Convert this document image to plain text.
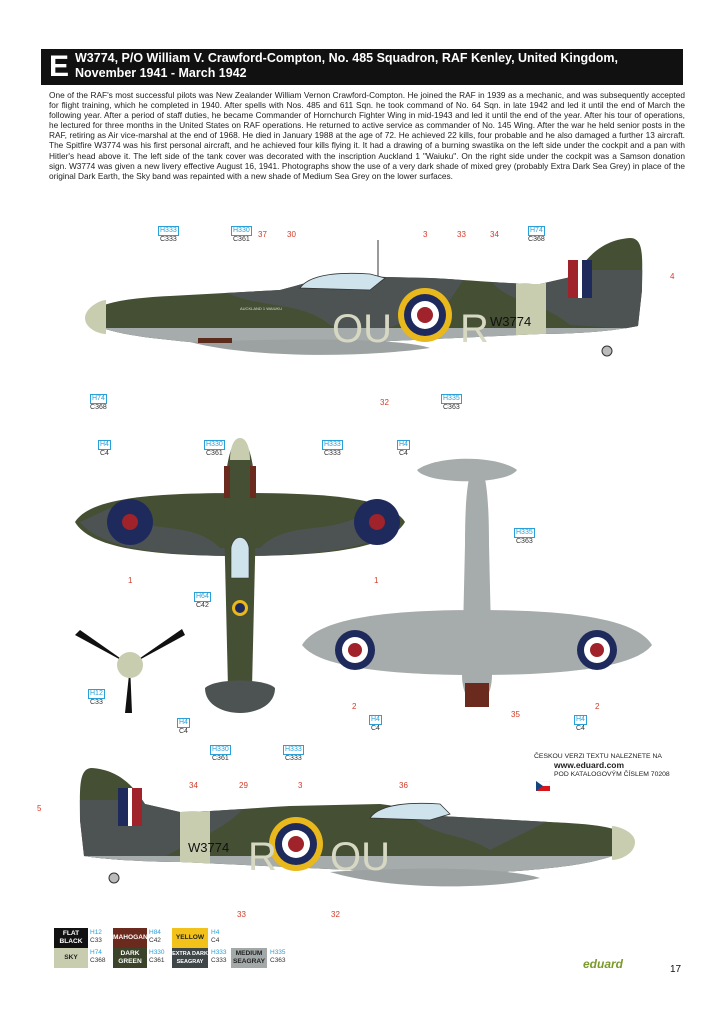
E W3774, P/O William V. Crawford-Compton, No. 485 Squadron, RAF Kenley, United Kingdom, November 1941 - March 1942
One of the RAF's most successful pilots was New Zealander William Vernon Crawford-Compton. He joined the RAF in 1939 as a mechanic, and was subsequently accepted for flight training, which he completed in 1940. After spells with Nos. 485 and 611 Sqn. he took command of No. 64 Sqn. in late 1942 and led it until the end of March the following year. After a period of staff duties, he became Commander of Hornchurch Fighter Wing in mid-1943 and led it until the end of the year. After his tour of operations, he lectured for three months in the United States on RAF operations. He returned to active service as commander of No. 145 Wing. After the war he held senior posts in the RAF, retiring as Air vice-marshal at the end of 1968. He died in January 1988 at the age of 72. He achieved 22 kills, four probable and he also damaged a further 13 aircraft. The Spitfire W3774 was his first personal aircraft, and he achieved four kills flying it. It had a drawing of a burning swastika on the left side under the cockpit and a pan with Hitler's head above it. The left side of the tank cover was decorated with the inscription Auckland 1 "Waiuku". On the right side under the cockpit was a Samson donation sign. W3774 was given a new livery effective August 16, 1941. Photographs show the use of a very dark shade of mixed grey (probably Extra Dark Sea Grey) in place of the original Dark Earth, the Sky band was repainted with a new shade of Medium Sea Grey on the lower surfaces.
OU R W3774
AUCKLAND 1 WAIUKU
H333
C333
H330
C361
H74
C368
H74
C368
H335
C363
37	30	3	33	34
4
32
H4
C4
H330
C361
H333
C333
H4
C4
H64
C42
H12
C33
H4
C4
H330
C361
H333
C333
H335
C363
H4
C4
H4
C4
1	1
2	2
35
R OU
W3774
5
34	29	3	36
33	32
ČESKOU VERZI TEXTU NALEZNETE NA
www.eduard.com
POD KATALOGOVÝM ČÍSLEM 70208
FLAT BLACK
H12
C33 MAHOGANY
H84
C42	YELLOW
H4
C4
SKY
H74
C368
DARK GREEN
H330
C361
EXTRA DARK SEAGRAY
H333
C333
MEDIUM SEAGRAY
H335
C363	eduard	17
